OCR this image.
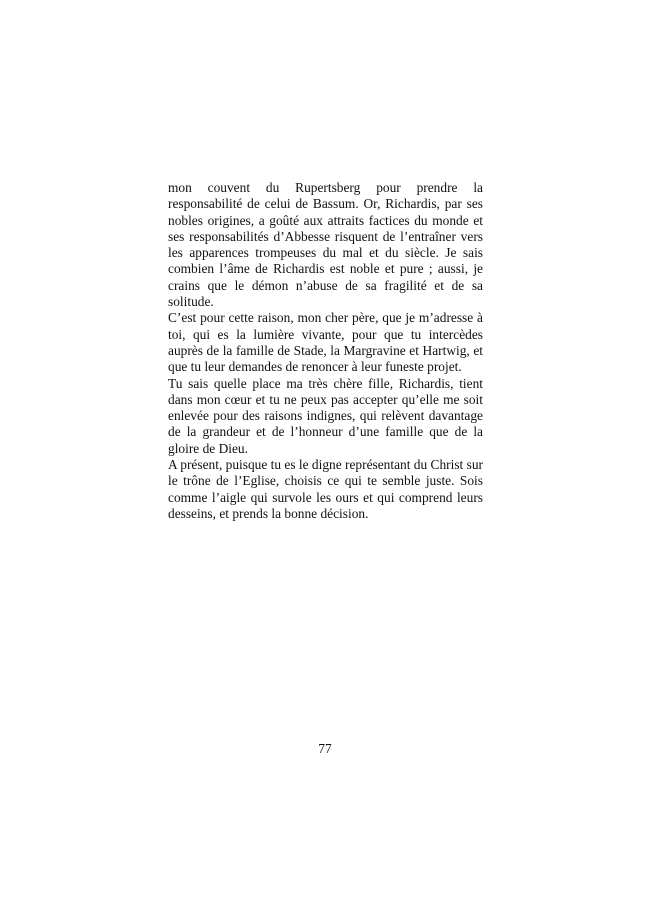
mon couvent du Rupertsberg pour prendre la responsabilité de celui de Bassum. Or, Richardis, par ses nobles origines, a goûté aux attraits factices du monde et ses responsabilités d’Abbesse risquent de l’entraîner vers les apparences trompeuses du mal et du siècle. Je sais combien l’âme de Richardis est noble et pure ; aussi, je crains que le démon n’abuse de sa fragilité et de sa solitude.

C’est pour cette raison, mon cher père, que je m’adresse à toi, qui es la lumière vivante, pour que tu intercèdes auprès de la famille de Stade, la Margravine et Hartwig, et que tu leur demandes de renoncer à leur funeste projet.

Tu sais quelle place ma très chère fille, Richardis, tient dans mon cœur et tu ne peux pas accepter qu’elle me soit enlevée pour des raisons indignes, qui relèvent davantage de la grandeur et de l’honneur d’une famille que de la gloire de Dieu.

A présent, puisque tu es le digne représentant du Christ sur le trône de l’Eglise, choisis ce qui te semble juste. Sois comme l’aigle qui survole les ours et qui comprend leurs desseins, et prends la bonne décision.

77
